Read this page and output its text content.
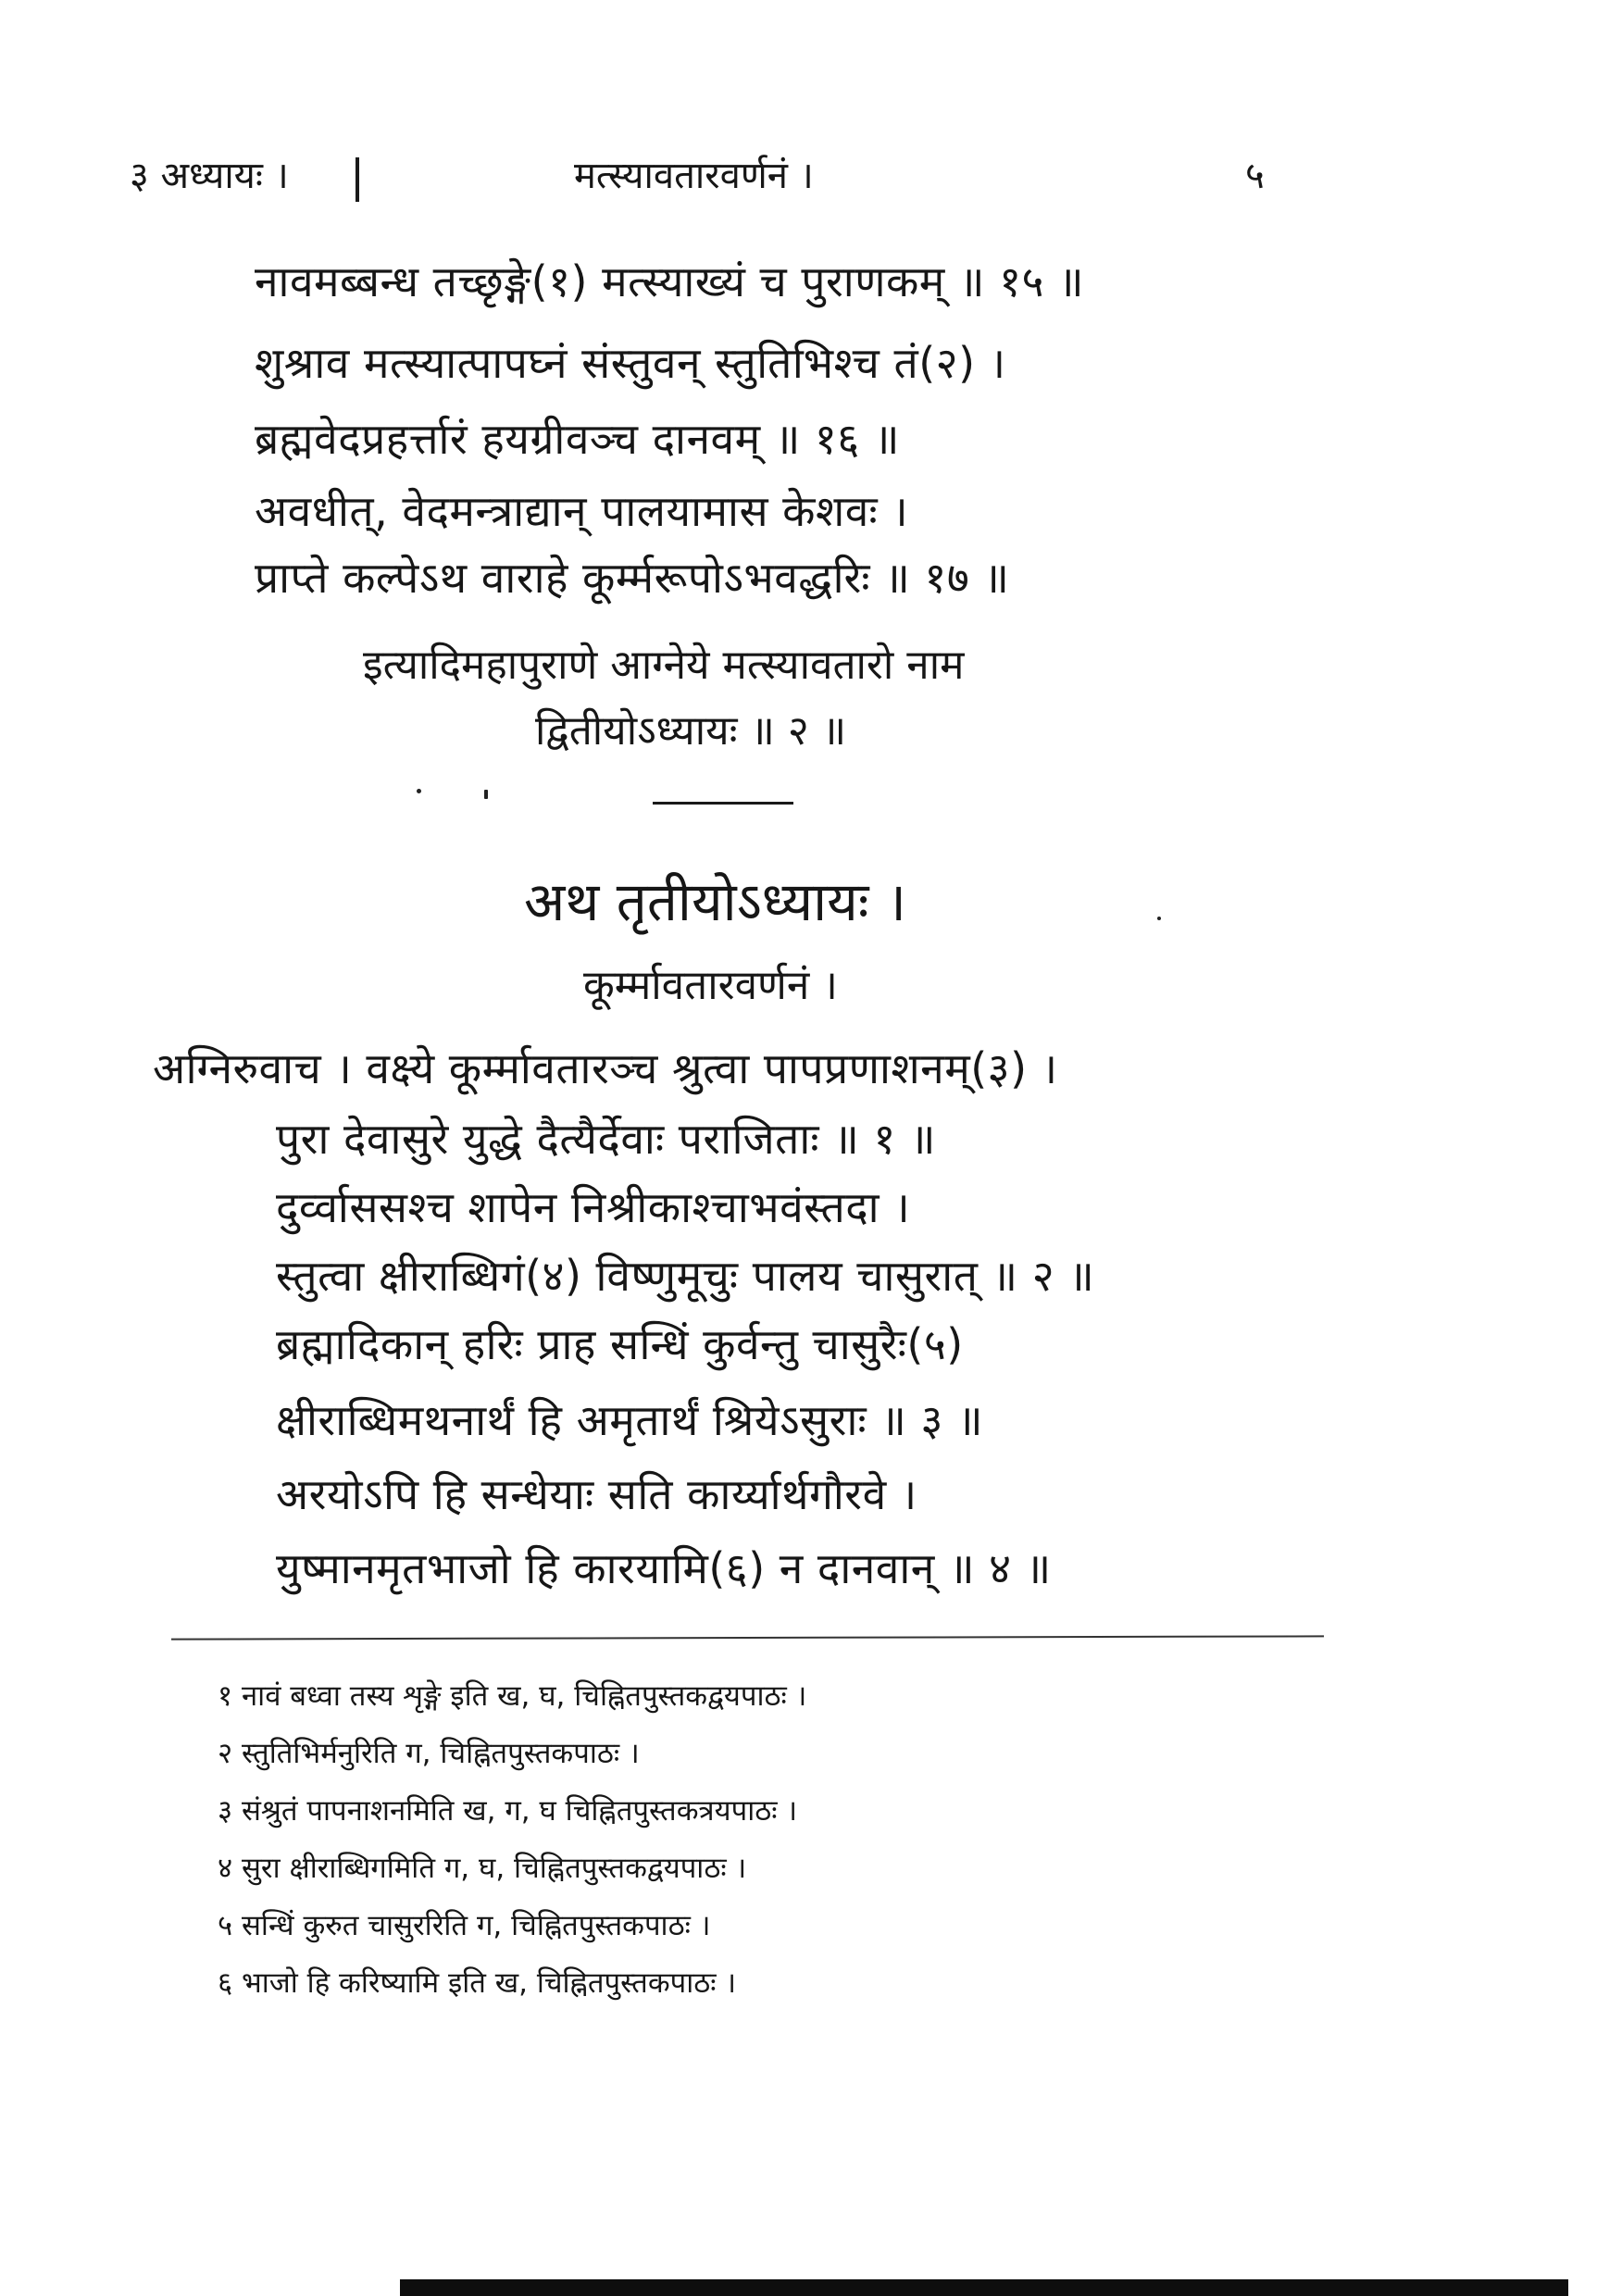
३ अध्यायः ।	मत्स्यावतारवर्णनं ।	५
नावमब्बन्ध तच्छृङ्गे(१) मत्स्याख्यं च पुराणकम् ॥ १५ ॥
शुश्राव मत्स्यात्पापघ्नं संस्तुवन् स्तुतिभिश्च तं(२) ।
ब्रह्मवेदप्रहर्त्तारं हयग्रीवञ्च दानवम् ॥ १६ ॥
अवधीत्, वेदमन्त्राद्यान् पालयामास केशवः ।
प्राप्ते कल्पेऽथ वाराहे कूर्म्मरूपोऽभवद्धरिः ॥ १७ ॥
इत्यादिमहापुराणे आग्नेये मत्स्यावतारो नाम
द्वितीयोऽध्यायः ॥ २ ॥
अथ तृतीयोऽध्यायः ।
कूर्म्मावतारवर्णनं ।
अग्निरुवाच । वक्ष्ये कूर्म्मावतारञ्च श्रुत्वा पापप्रणाशनम्(३) ।
पुरा देवासुरे युद्धे दैत्यैर्देवाः पराजिताः ॥ १ ॥
दुर्व्वाससश्च शापेन निश्रीकाश्चाभवंस्तदा ।
स्तुत्वा क्षीराब्धिगं(४) विष्णुमूचुः पालय चासुरात् ॥ २ ॥
ब्रह्मादिकान् हरिः प्राह सन्धिं कुर्वन्तु चासुरैः(५)
क्षीराब्धिमथनार्थं हि अमृतार्थं श्रियेऽसुराः ॥ ३ ॥
अरयोऽपि हि सन्धेयाः सति कार्य्यार्थगौरवे ।
युष्मानमृतभाजो हि कारयामि(६) न दानवान् ॥ ४ ॥
१ नावं बध्वा तस्य शृङ्गे इति ख, घ, चिह्नितपुस्तकद्वयपाठः ।
२ स्तुतिभिर्मनुरिति ग, चिह्नितपुस्तकपाठः ।
३ संश्रुतं पापनाशनमिति ख, ग, घ चिह्नितपुस्तकत्रयपाठः ।
४ सुरा क्षीराब्धिगमिति ग, घ, चिह्नितपुस्तकद्वयपाठः ।
५ सन्धिं कुरुत चासुररिति ग, चिह्नितपुस्तकपाठः ।
६ भाजो हि करिष्यामि इति ख, चिह्नितपुस्तकपाठः ।
